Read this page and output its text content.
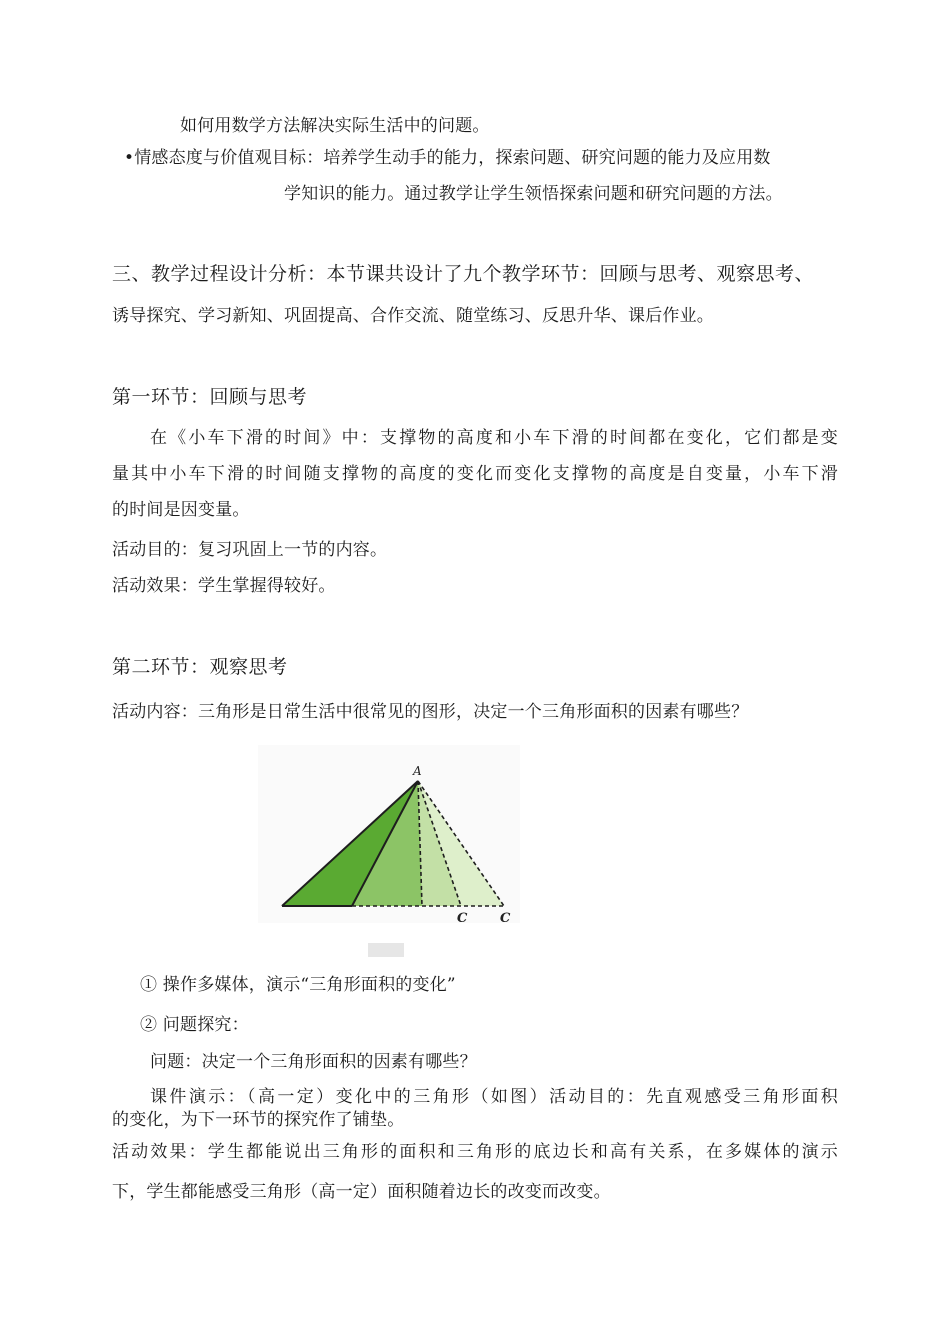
如何用数学方法解决实际生活中的问题。
•情感态度与价值观目标：培养学生动手的能力，探索问题、研究问题的能力及应用数
学知识的能力。通过教学让学生领悟探索问题和研究问题的方法。
三、教学过程设计分析：本节课共设计了九个教学环节：回顾与思考、观察思考、
诱导探究、学习新知、巩固提高、合作交流、随堂练习、反思升华、课后作业。
第一环节：回顾与思考
在《小车下滑的时间》中：支撑物的高度和小车下滑的时间都在变化，它们都是变
量其中小车下滑的时间随支撑物的高度的变化而变化支撑物的高度是自变量，小车下滑
的时间是因变量。
活动目的：复习巩固上一节的内容。
活动效果：学生掌握得较好。
第二环节：观察思考
活动内容：三角形是日常生活中很常见的图形，决定一个三角形面积的因素有哪些？
A
C	C
① 操作多媒体，演示“三角形面积的变化”
② 问题探究：
问题：决定一个三角形面积的因素有哪些？
课件演示：（高一定）变化中的三角形（如图）活动目的：先直观感受三角形面积
的变化，为下一环节的探究作了铺垫。
活动效果：学生都能说出三角形的面积和三角形的底边长和高有关系，在多媒体的演示
下，学生都能感受三角形（高一定）面积随着边长的改变而改变。
